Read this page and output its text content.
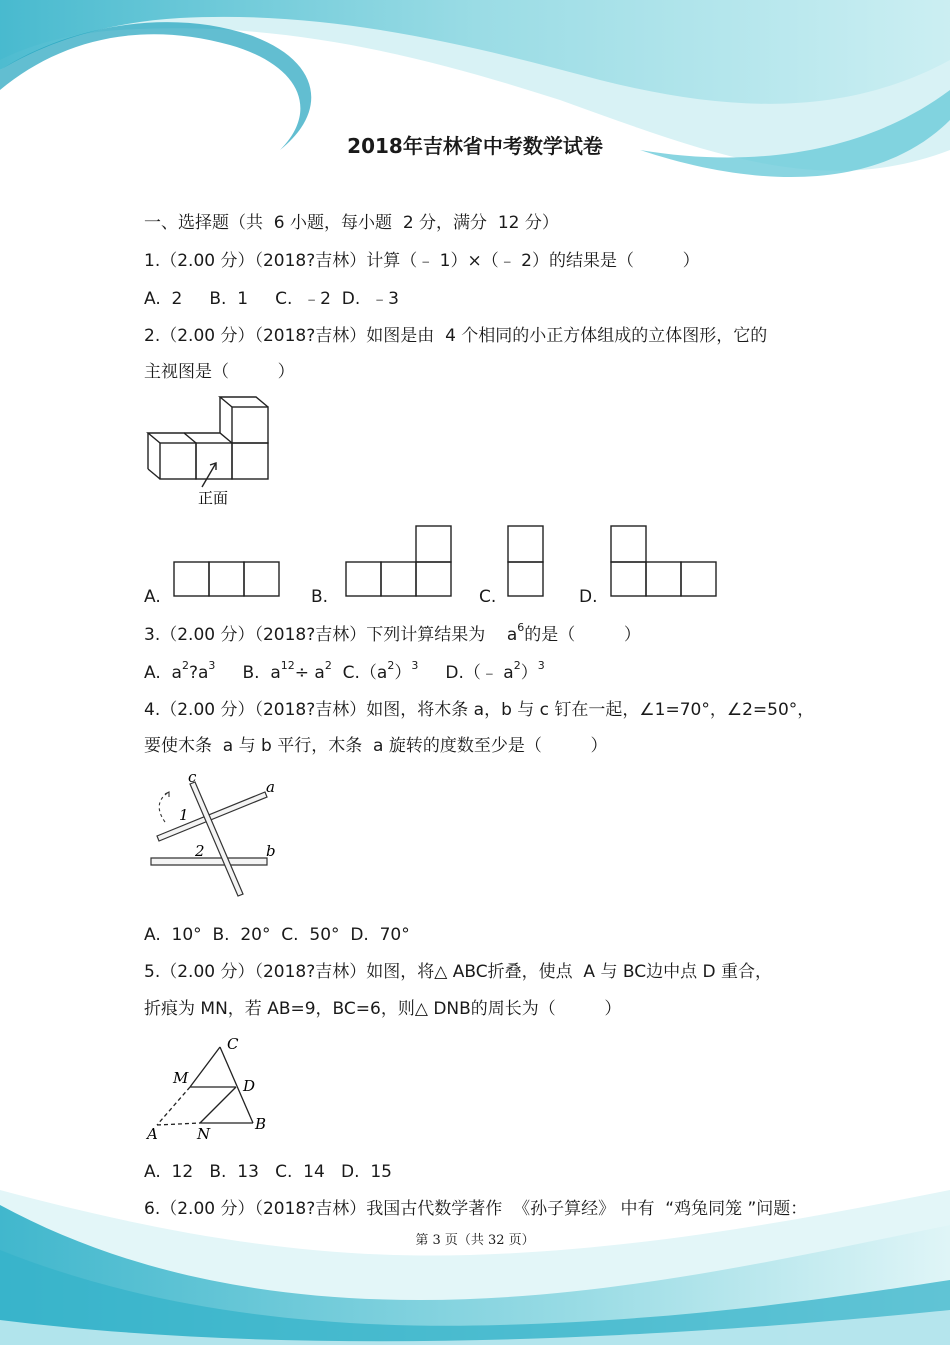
2018年吉林省中考数学试卷
一、选择题（共  6 小题，每小题  2 分，满分  12 分）
1.（2.00 分）（2018?吉林）计算（﹣ 1）×（﹣ 2）的结果是（         ）
A.  2     B.  1     C.  ﹣2  D.  ﹣3
2.（2.00 分）（2018?吉林）如图是由  4 个相同的小正方体组成的立体图形，它的
主视图是（         ）
正面
A.	B.	C.	D.
3.（2.00 分）（2018?吉林）下列计算结果为    $a^6$的是（         ）
A.  $a^2?a^3$ B.  $a^{12}\div a^2$ $C.(a^2)^3$ D.（﹣ $a^2)^3$
4.（2.00 分）（2018?吉林）如图，将木条 a，b 与 c 钉在一起，∠1=70°，∠2=50°，
要使木条  a 与 b 平行，木条  a 旋转的度数至少是（         ）
c
a
b
1
2
A.  10°  B.  20°  C.  50°  D.  70°
5.（2.00 分）（2018?吉林）如图，将△ ABC折叠，使点  A 与 BC边中点 D 重合，
折痕为 MN，若 AB=9，BC=6，则△ DNB的周长为（         ）
C
M	D
A	N
B
A.  12   B.  13   C.  14   D.  15
6.（2.00 分）（2018?吉林）我国古代数学著作  《孙子算经》 中有  “鸡兔同笼 ”问题：
第 3 页（共 32 页）
